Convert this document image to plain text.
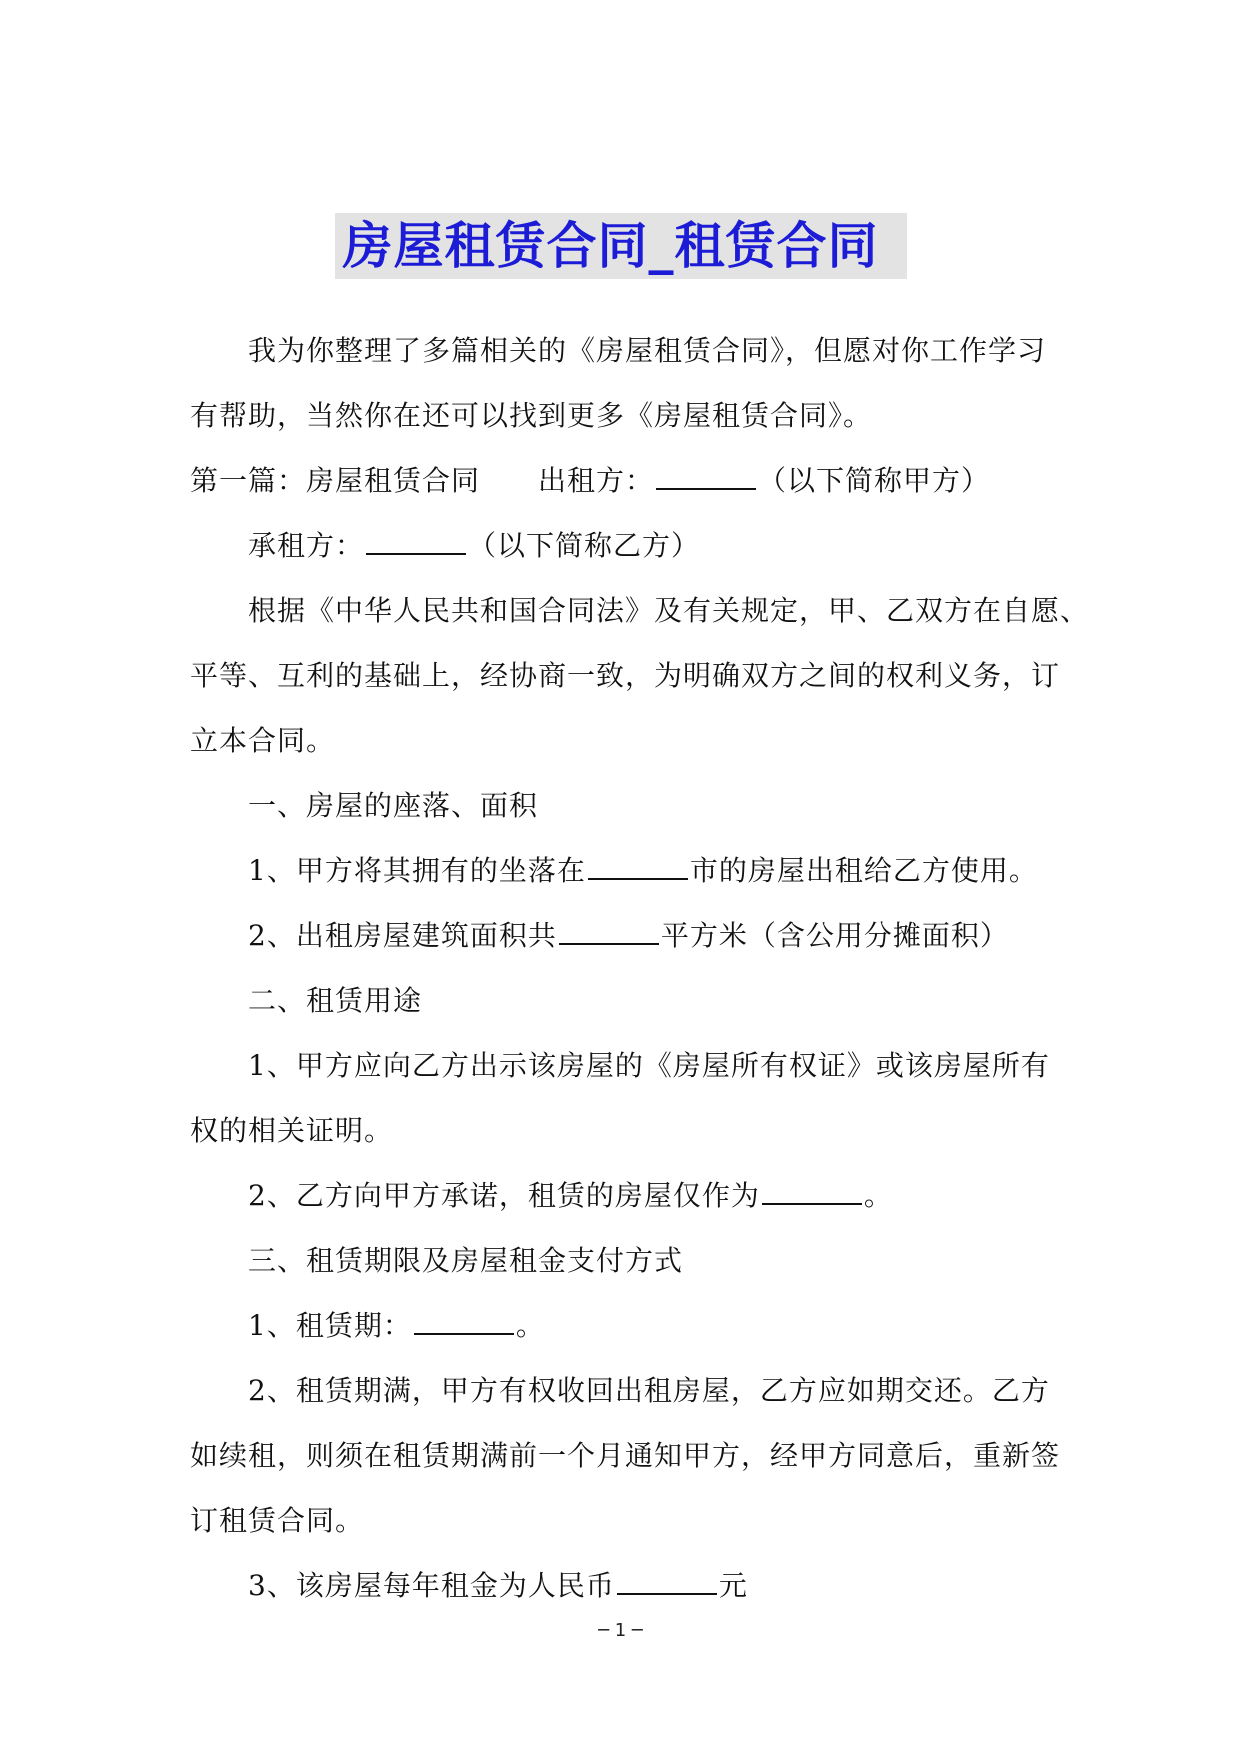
房屋租赁合同_租赁合同
我为你整理了多篇相关的《房屋租赁合同》，但愿对你工作学习
有帮助，当然你在还可以找到更多《房屋租赁合同》。
第一篇：房屋租赁合同 出租方：	（以下简称甲方）
承租方：	（以下简称乙方）
根据《中华人民共和国合同法》及有关规定，甲、乙双方在自愿、
平等、互利的基础上，经协商一致，为明确双方之间的权利义务，订
立本合同。
一、房屋的座落、面积
1、甲方将其拥有的坐落在	市的房屋出租给乙方使用。
2、出租房屋建筑面积共	平方米（含公用分摊面积）
二、租赁用途
1、甲方应向乙方出示该房屋的《房屋所有权证》或该房屋所有
权的相关证明。
2、乙方向甲方承诺，租赁的房屋仅作为	。
三、租赁期限及房屋租金支付方式
1、租赁期：	。
2、租赁期满，甲方有权收回出租房屋，乙方应如期交还。乙方
如续租，则须在租赁期满前一个月通知甲方，经甲方同意后，重新签
订租赁合同。
3、该房屋每年租金为人民币	元
─ 1 ─
